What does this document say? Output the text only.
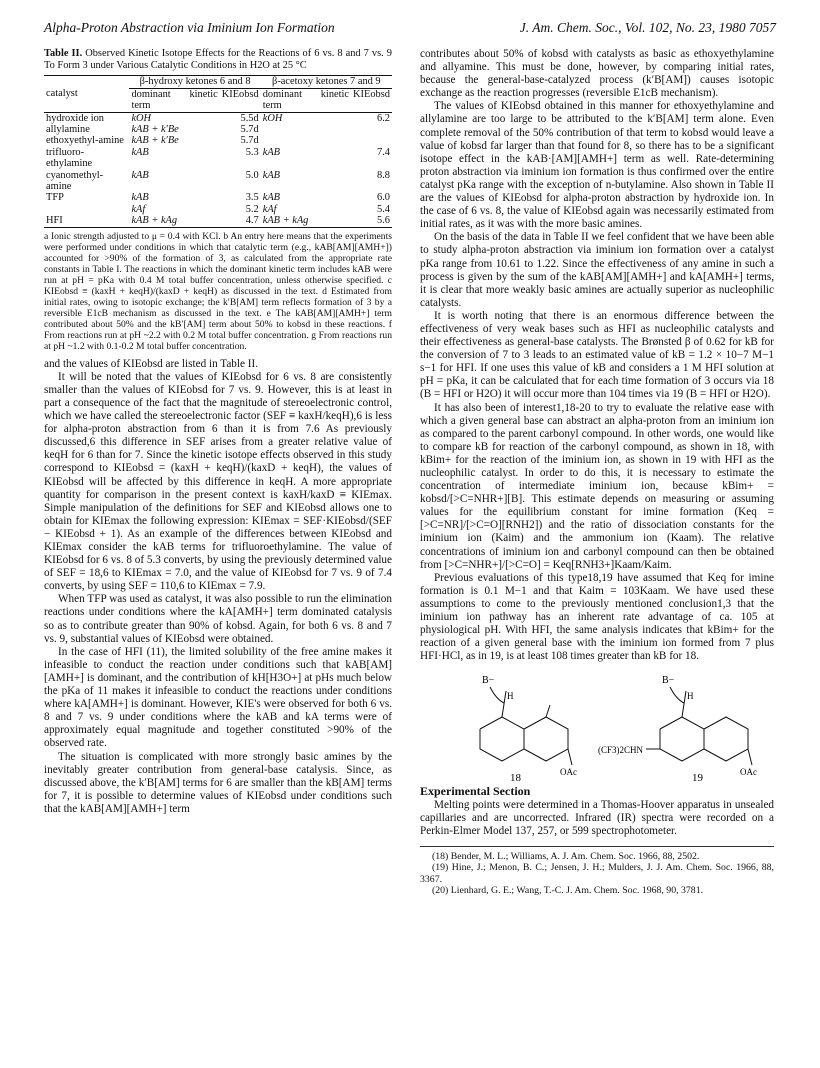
Alpha-Proton Abstraction via Iminium Ion Formation	J. Am. Chem. Soc., Vol. 102, No. 23, 1980 7057
Table II. Observed Kinetic Isotope Effects for the Reactions of 6 vs. 8 and 7 vs. 9 To Form 3 under Various Catalytic Conditions in H2O at 25 °C
	β-hydroxy ketones 6 and 8		β-acetoxy ketones 7 and 9	
catalyst	dominant kinetic term	KIEobsd	dominant kinetic term	KIEobsd
hydroxide ion	kOH	5.5d	kOH	6.2
allylamine	kAB + k′Be	5.7d		
ethoxyethyl-amine	kAB + k′Be	5.7d		
trifluoro-ethylamine	kAB	5.3	kAB	7.4
cyanomethyl-amine	kAB	5.0	kAB	8.8
TFP	kAB	3.5	kAB	6.0
	kAf	5.2	kAf	5.4
HFI	kAB + kAg	4.7	kAB + kAg	5.6
a Ionic strength adjusted to μ = 0.4 with KCl. b An entry here means that the experiments were performed under conditions in which that catalytic term (e.g., kAB[AM][AMH+]) accounted for >90% of the formation of 3, as calculated from the appropriate rate constants in Table I. The reactions in which the dominant kinetic term includes kAB were run at pH = pKa with 0.4 M total buffer concentration, unless otherwise specified. c KIEobsd ≡ (kaxH + keqH)/(kaxD + keqH) as discussed in the text. d Estimated from initial rates, owing to isotopic exchange; the k′B[AM] term reflects formation of 3 by a reversible E1cB mechanism as discussed in the text. e The kAB[AM][AMH+] term contributed about 50% and the kB′[AM] term about 50% to kobsd in these reactions. f From reactions run at pH ~2.2 with 0.2 M total buffer concentration. g From reactions run at pH ~1.2 with 0.1-0.2 M total buffer concentration.

and the values of KIEobsd are listed in Table II.

It will be noted that the values of KIEobsd for 6 vs. 8 are consistently smaller than the values of KIEobsd for 7 vs. 9. However, this is at least in part a consequence of the fact that the magnitude of stereoelectronic control, which we have called the stereoelectronic factor (SEF ≡ kaxH/keqH),6 is less for alpha-proton abstraction from 6 than it is from 7.6 As previously discussed,6 this difference in SEF arises from a greater relative value of keqH for 6 than for 7. Since the kinetic isotope effects observed in this study correspond to KIEobsd = (kaxH + keqH)/(kaxD + keqH), the values of KIEobsd will be affected by this difference in keqH. A more appropriate quantity for comparison in the present context is kaxH/kaxD ≡ KIEmax. Simple manipulation of the definitions for SEF and KIEobsd allows one to obtain for KIEmax the following expression: KIEmax = SEF·KIEobsd/(SEF − KIEobsd + 1). As an example of the differences between KIEobsd and KIEmax consider the kAB terms for trifluoroethylamine. The value of KIEobsd for 6 vs. 8 of 5.3 converts, by using the previously determined value of SEF = 18,6 to KIEmax = 7.0, and the value of KIEobsd for 7 vs. 9 of 7.4 converts, by using SEF = 110,6 to KIEmax = 7.9.

When TFP was used as catalyst, it was also possible to run the elimination reactions under conditions where the kA[AMH+] term dominated catalysis so as to contribute greater than 90% of kobsd. Again, for both 6 vs. 8 and 7 vs. 9, substantial values of KIEobsd were obtained.

In the case of HFI (11), the limited solubility of the free amine makes it infeasible to conduct the reaction under conditions such that kAB[AM][AMH+] is dominant, and the contribution of kH[H3O+] at pHs much below the pKa of 11 makes it infeasible to conduct the reactions under conditions where kA[AMH+] is dominant. However, KIE's were observed for both 6 vs. 8 and 7 vs. 9 under conditions where the kAB and kA terms were of approximately equal magnitude and together constituted >90% of the observed rate.

The situation is complicated with more strongly basic amines by the inevitably greater contribution from general-base catalysis. Since, as discussed above, the k′B[AM] terms for 6 are smaller than the kB[AM] terms for 7, it is possible to determine values of KIEobsd under conditions such that the kAB[AM][AMH+] term

contributes about 50% of kobsd with catalysts as basic as ethoxyethylamine and allyamine. This must be done, however, by comparing initial rates, because the general-base-catalyzed process (k′B[AM]) causes isotopic exchange as the reaction progresses (reversible E1cB mechanism).

The values of KIEobsd obtained in this manner for ethoxyethylamine and allylamine are too large to be attributed to the k′B[AM] term alone. Even complete removal of the 50% contribution of that term to kobsd would leave a value of kobsd far larger than that found for 8, so there has to be a significant isotope effect in the kAB·[AM][AMH+] term as well. Rate-determining proton abstraction via iminium ion formation is thus confirmed over the entire catalyst pKa range with the exception of n-butylamine. Also shown in Table II are the values of KIEobsd for alpha-proton abstraction by hydroxide ion. In the case of 6 vs. 8, the value of KIEobsd again was necessarily estimated from initial rates, as it was with the more basic amines.

On the basis of the data in Table II we feel confident that we have been able to study alpha-proton abstraction via iminium ion formation over a catalyst pKa range from 10.61 to 1.22. Since the effectiveness of any amine in such a process is given by the sum of the kAB[AM][AMH+] and kA[AMH+] terms, it is clear that more weakly basic amines are actually superior as nucleophilic catalysts.

It is worth noting that there is an enormous difference between the effectiveness of very weak bases such as HFI as nucleophilic catalysts and their effectiveness as general-base catalysts. The Brønsted β of 0.62 for kB for the conversion of 7 to 3 leads to an estimated value of kB = 1.2 × 10−7 M−1 s−1 for HFI. If one uses this value of kB and considers a 1 M HFI solution at pH = pKa, it can be calculated that for each time formation of 3 occurs via 18 (B = HFI or H2O) it will occur more than 104 times via 19 (B = HFI or H2O).

It has also been of interest1,18-20 to try to evaluate the relative ease with which a given general base can abstract an alpha-proton from an iminium ion as compared to the parent carbonyl compound. In other words, one would like to compare kB for reaction of the carbonyl compound, as shown in 18, with kBim+ for the reaction of the iminium ion, as shown in 19 with HFI as the nucleophilic catalyst. In order to do this, it is necessary to estimate the concentration of intermediate iminium ion, because kBim+ = kobsd/[>C=NHR+][B]. This estimate depends on measuring or assuming values for the equilibrium constant for imine formation (Keq = [>C=NR]/[>C=O][RNH2]) and the ratio of dissociation constants for the iminium ion (Kaim) and the ammonium ion (Kaam). The relative concentrations of iminium ion and carbonyl compound can then be obtained from [>C=NHR+]/[>C=O] = Keq[RNH3+]Kaam/Kaim.

Previous evaluations of this type18,19 have assumed that Keq for imine formation is 0.1 M−1 and that Kaim = 103Kaam. We have used these assumptions to come to the previously mentioned conclusion1,3 that the iminium ion pathway has an inherent rate advantage of ca. 105 at physiological pH. With HFI, the same analysis indicates that kBim+ for the reaction of a given general base with the iminium ion formed from 7 plus HFI·HCl, as in 19, is at least 108 times greater than kB for 18.

B−
H
OAc
18
B−
H
(CF3)2CHN
OAc
19
Experimental Section

Melting points were determined in a Thomas-Hoover apparatus in unsealed capillaries and are uncorrected. Infrared (IR) spectra were recorded on a Perkin-Elmer Model 137, 257, or 599 spectrophotometer.

(18) Bender, M. L.; Williams, A. J. Am. Chem. Soc. 1966, 88, 2502.
(19) Hine, J.; Menon, B. C.; Jensen, J. H.; Mulders, J. J. Am. Chem. Soc. 1966, 88, 3367.
(20) Lienhard, G. E.; Wang, T.-C. J. Am. Chem. Soc. 1968, 90, 3781.
